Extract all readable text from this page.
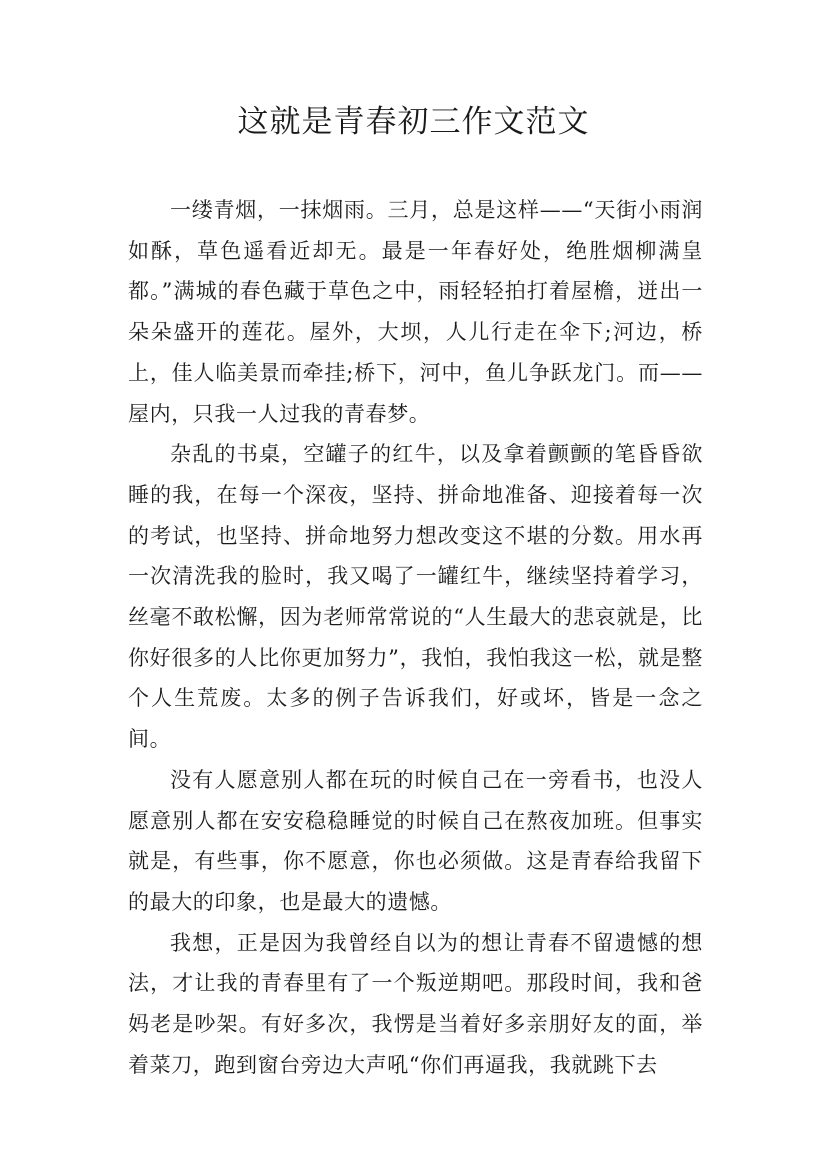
这就是青春初三作文范文

一缕青烟，一抹烟雨。三月，总是这样——“天街小雨润如酥，草色遥看近却无。最是一年春好处，绝胜烟柳满皇都。”满城的春色藏于草色之中，雨轻轻拍打着屋檐，迸出一朵朵盛开的莲花。屋外，大坝，人儿行走在伞下;河边，桥上，佳人临美景而牵挂;桥下，河中，鱼儿争跃龙门。而——屋内，只我一人过我的青春梦。

杂乱的书桌，空罐子的红牛，以及拿着颤颤的笔昏昏欲睡的我，在每一个深夜，坚持、拼命地准备、迎接着每一次的考试，也坚持、拼命地努力想改变这不堪的分数。用水再一次清洗我的脸时，我又喝了一罐红牛，继续坚持着学习，丝毫不敢松懈，因为老师常常说的“人生最大的悲哀就是，比你好很多的人比你更加努力”，我怕，我怕我这一松，就是整个人生荒废。太多的例子告诉我们，好或坏，皆是一念之间。

没有人愿意别人都在玩的时候自己在一旁看书，也没人愿意别人都在安安稳稳睡觉的时候自己在熬夜加班。但事实就是，有些事，你不愿意，你也必须做。这是青春给我留下的最大的印象，也是最大的遗憾。

我想，正是因为我曾经自以为的想让青春不留遗憾的想法，才让我的青春里有了一个叛逆期吧。那段时间，我和爸妈老是吵架。有好多次，我愣是当着好多亲朋好友的面，举着菜刀，跑到窗台旁边大声吼“你们再逼我，我就跳下去
